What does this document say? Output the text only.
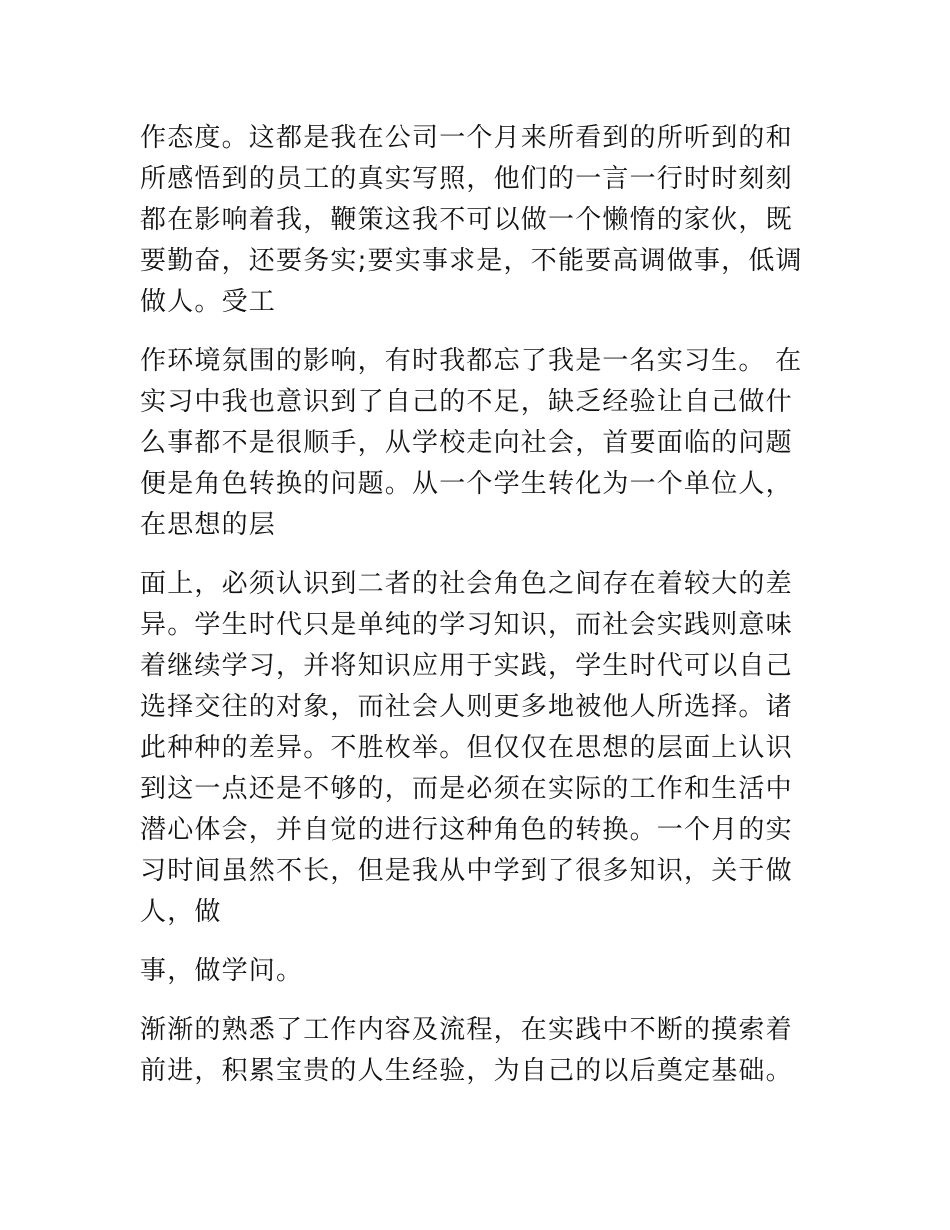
作态度。这都是我在公司一个月来所看到的所听到的和所感悟到的员工的真实写照，他们的一言一行时时刻刻都在影响着我，鞭策这我不可以做一个懒惰的家伙，既要勤奋，还要务实;要实事求是，不能要高调做事，低调做人。受工

作环境氛围的影响，有时我都忘了我是一名实习生。 在实习中我也意识到了自己的不足，缺乏经验让自己做什么事都不是很顺手，从学校走向社会，首要面临的问题便是角色转换的问题。从一个学生转化为一个单位人，在思想的层

面上，必须认识到二者的社会角色之间存在着较大的差异。学生时代只是单纯的学习知识，而社会实践则意味着继续学习，并将知识应用于实践，学生时代可以自己选择交往的对象，而社会人则更多地被他人所选择。诸此种种的差异。不胜枚举。但仅仅在思想的层面上认识到这一点还是不够的，而是必须在实际的工作和生活中潜心体会，并自觉的进行这种角色的转换。一个月的实习时间虽然不长，但是我从中学到了很多知识，关于做人，做

事，做学问。

渐渐的熟悉了工作内容及流程，在实践中不断的摸索着前进，积累宝贵的人生经验，为自己的以后奠定基础。
